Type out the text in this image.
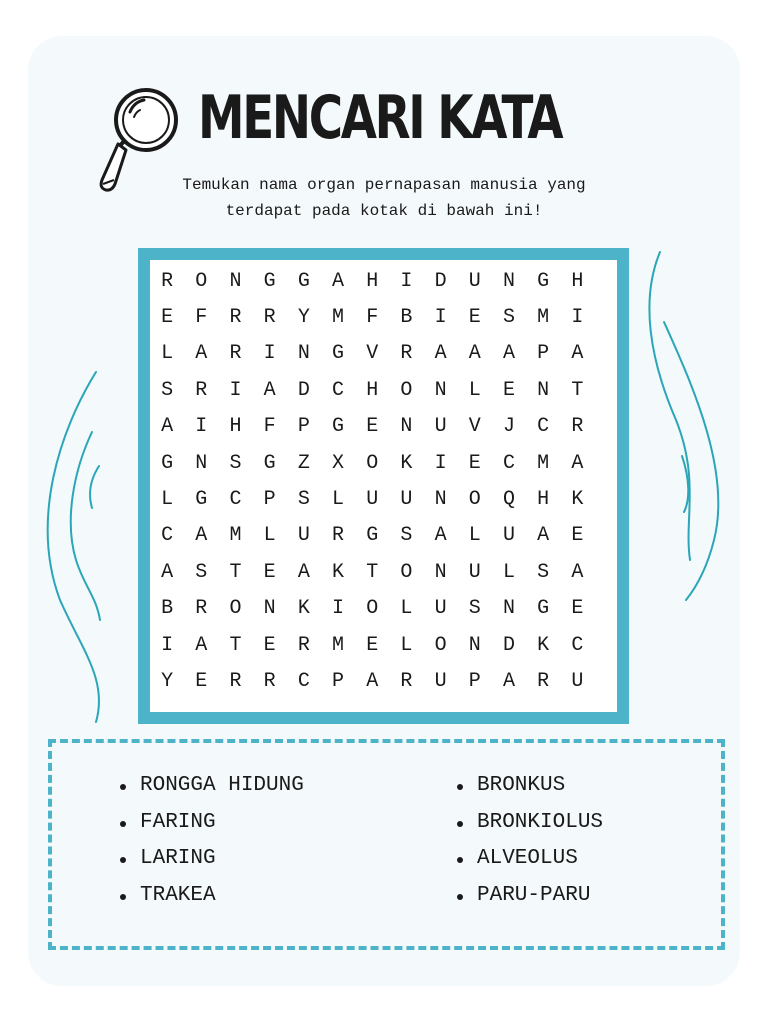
MENCARI KATA
Temukan nama organ pernapasan manusia yang
terdapat pada kotak di bawah ini!
R	O	N	G	G	A	H	I	D	U	N	G	H
E	F	R	R	Y	M	F	B	I	E	S	M	I
L	A	R	I	N	G	V	R	A	A	A	P	A
S	R	I	A	D	C	H	O	N	L	E	N	T
A	I	H	F	P	G	E	N	U	V	J	C	R
G	N	S	G	Z	X	O	K	I	E	C	M	A
L	G	C	P	S	L	U	U	N	O	Q	H	K
C	A	M	L	U	R	G	S	A	L	U	A	E
A	S	T	E	A	K	T	O	N	U	L	S	A
B	R	O	N	K	I	O	L	U	S	N	G	E
I	A	T	E	R	M	E	L	O	N	D	K	C
Y	E	R	R	C	P	A	R	U	P	A	R	U
RONGGA HIDUNG
FARING
LARING
TRAKEA
BRONKUS
BRONKIOLUS
ALVEOLUS
PARU-PARU
